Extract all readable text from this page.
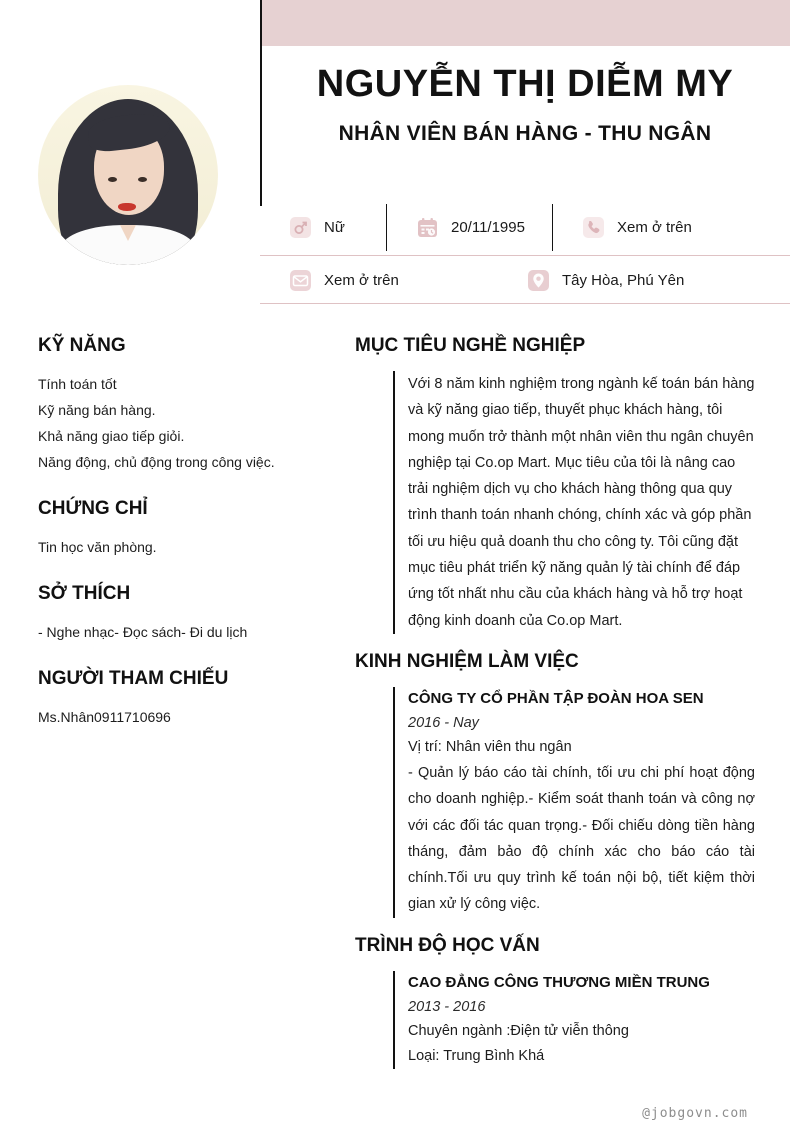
NGUYỄN THỊ DIỄM MY
NHÂN VIÊN BÁN HÀNG - THU NGÂN
Nữ	20/11/1995	Xem ở trên
Xem ở trên	Tây Hòa, Phú Yên
KỸ NĂNG
Tính toán tốt
Kỹ năng bán hàng.
Khả năng giao tiếp giỏi.
Năng động, chủ động trong công việc.
CHỨNG CHỈ
Tin học văn phòng.
SỞ THÍCH
- Nghe nhạc- Đọc sách- Đi du lịch
NGƯỜI THAM CHIẾU
Ms.Nhân0911710696
MỤC TIÊU NGHỀ NGHIỆP
Với 8 năm kinh nghiệm trong ngành kế toán bán hàng và kỹ năng giao tiếp, thuyết phục khách hàng, tôi mong muốn trở thành một nhân viên thu ngân chuyên nghiệp tại Co.op Mart. Mục tiêu của tôi là nâng cao trải nghiệm dịch vụ cho khách hàng thông qua quy trình thanh toán nhanh chóng, chính xác và góp phần tối ưu hiệu quả doanh thu cho công ty. Tôi cũng đặt mục tiêu phát triển kỹ năng quản lý tài chính để đáp ứng tốt nhất nhu cầu của khách hàng và hỗ trợ hoạt động kinh doanh của Co.op Mart.
KINH NGHIỆM LÀM VIỆC
CÔNG TY CỔ PHẦN TẬP ĐOÀN HOA SEN
2016 - Nay
Vị trí: Nhân viên thu ngân
- Quản lý báo cáo tài chính, tối ưu chi phí hoạt động cho doanh nghiệp.- Kiểm soát thanh toán và công nợ với các đối tác quan trọng.- Đối chiếu dòng tiền hàng tháng, đảm bảo độ chính xác cho báo cáo tài chính.Tối ưu quy trình kế toán nội bộ, tiết kiệm thời gian xử lý công việc.
TRÌNH ĐỘ HỌC VẤN
CAO ĐẲNG CÔNG THƯƠNG MIỀN TRUNG
2013 - 2016
Chuyên ngành :Điện tử viễn thông
Loại: Trung Bình Khá
@jobgovn.com
